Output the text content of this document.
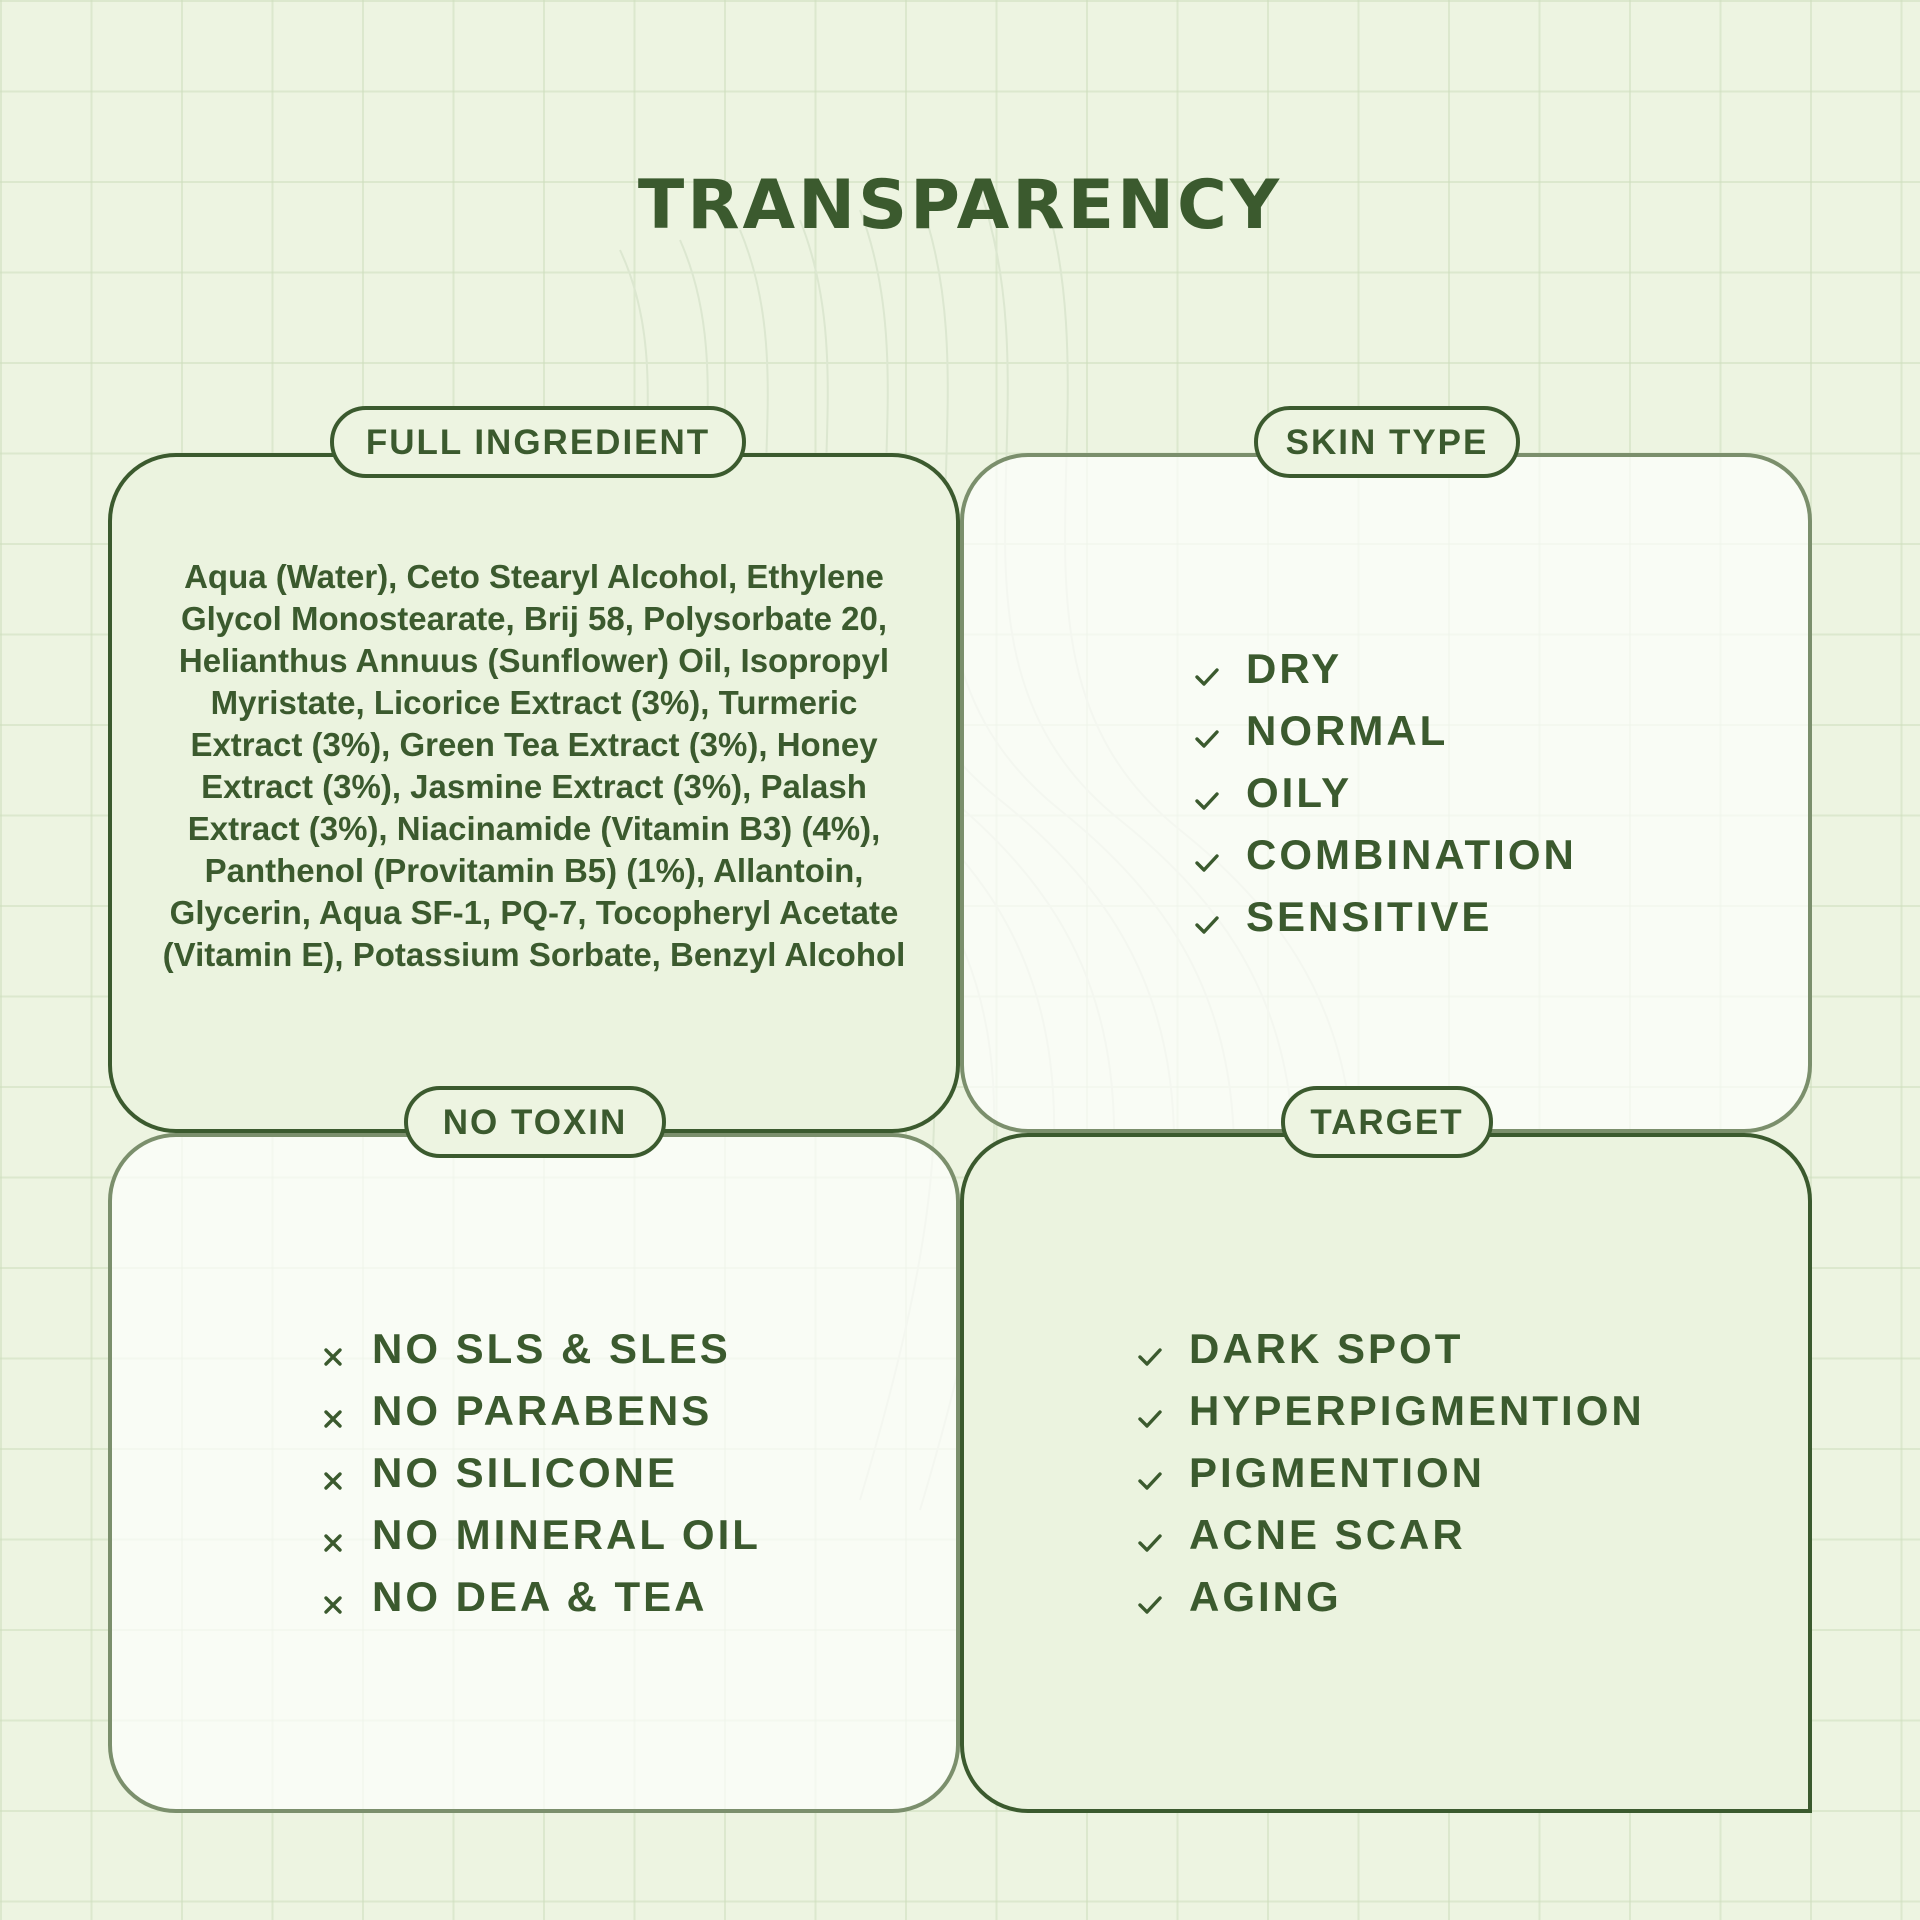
TRANSPARENCY
FULL INGREDIENT	SKIN TYPE
NO TOXIN	TARGET
Aqua (Water), Ceto Stearyl Alcohol, Ethylene Glycol Monostearate, Brij 58, Polysorbate 20, Helianthus Annuus (Sunflower) Oil, Isopropyl Myristate, Licorice Extract (3%), Turmeric Extract (3%), Green Tea Extract (3%), Honey Extract (3%), Jasmine Extract (3%), Palash Extract (3%), Niacinamide (Vitamin B3) (4%), Panthenol (Provitamin B5) (1%), Allantoin, Glycerin, Aqua SF-1, PQ-7, Tocopheryl Acetate (Vitamin E), Potassium Sorbate, Benzyl Alcohol
DRY
NORMAL
OILY
COMBINATION
SENSITIVE
NO SLS & SLES
NO PARABENS
NO SILICONE
NO MINERAL OIL
NO DEA & TEA
DARK SPOT
HYPERPIGMENTION
PIGMENTION
ACNE SCAR
AGING
